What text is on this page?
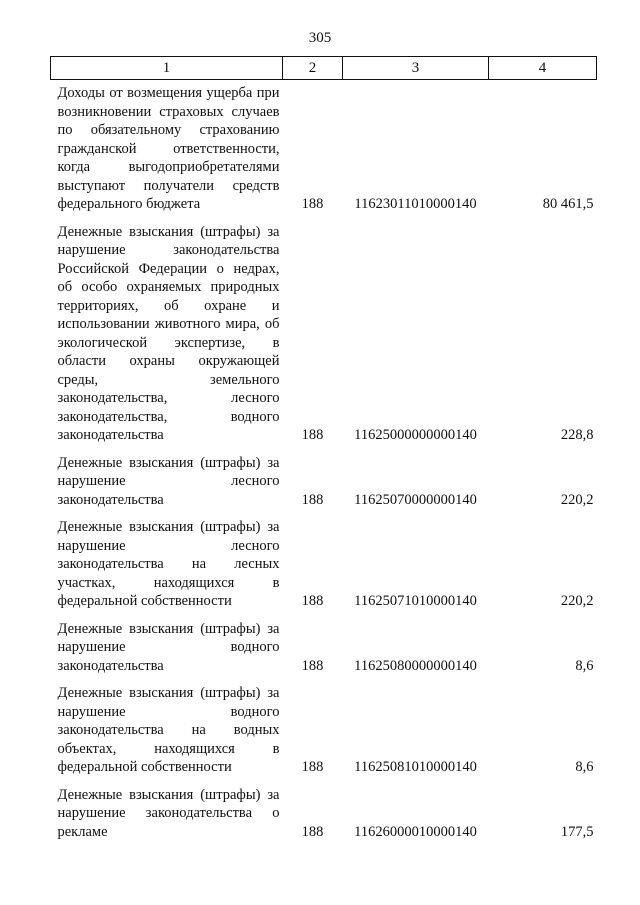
305
1	2	3	4
Доходы от возмещения ущерба при возникновении страховых случаев по обязательному страхованию гражданской ответственности, когда выгодоприобретателями выступают получатели средств федерального бюджета	188	11623011010000140	80 461,5
Денежные взыскания (штрафы) за нарушение законодательства Российской Федерации о недрах, об особо охраняемых природных территориях, об охране и использовании животного мира, об экологической экспертизе, в области охраны окружающей среды, земельного законодательства, лесного законодательства, водного законодательства	188	11625000000000140	228,8
Денежные взыскания (штрафы) за нарушение лесного законодательства	188	11625070000000140	220,2
Денежные взыскания (штрафы) за нарушение лесного законодательства на лесных участках, находящихся в федеральной собственности	188	11625071010000140	220,2
Денежные взыскания (штрафы) за нарушение водного законодательства	188	11625080000000140	8,6
Денежные взыскания (штрафы) за нарушение водного законодательства на водных объектах, находящихся в федеральной собственности	188	11625081010000140	8,6
Денежные взыскания (штрафы) за нарушение законодательства о рекламе	188	11626000010000140	177,5
